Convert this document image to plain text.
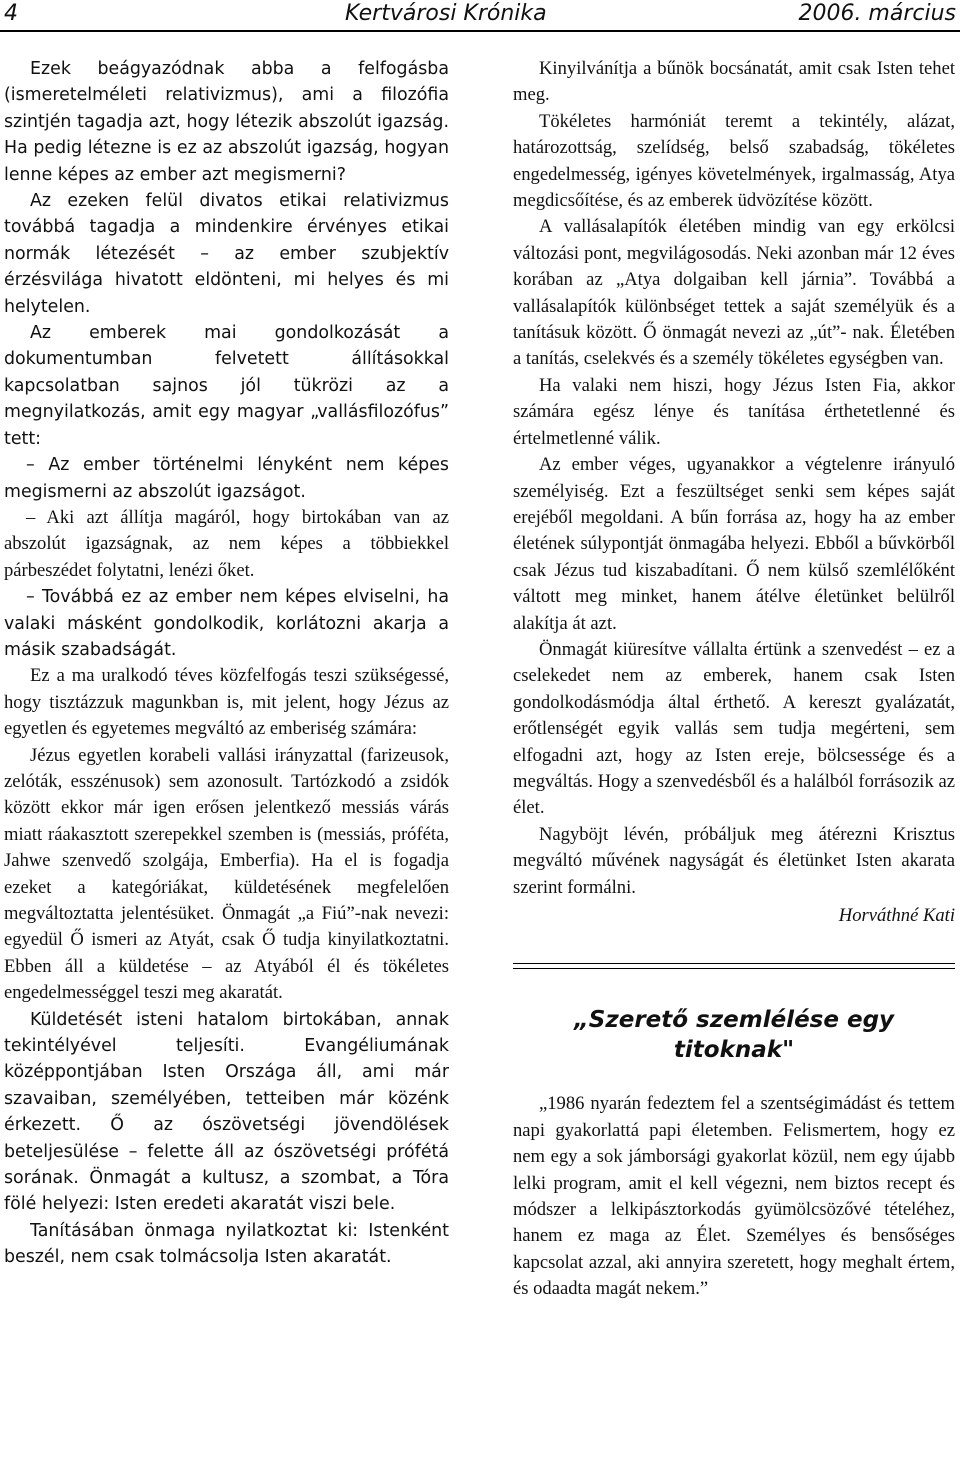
4	Kertvárosi Krónika	2006. március

Ezek beágyazódnak abba a felfogásba (ismeretelméleti relativizmus), ami a filozófia szintjén tagadja azt, hogy létezik abszolút igazság. Ha pedig létezne is ez az abszolút igazság, hogyan lenne képes az ember azt megismerni?

Az ezeken felül divatos etikai relativizmus továbbá tagadja a mindenkire érvényes etikai normák létezését – az ember szubjektív érzésvilága hivatott eldönteni, mi helyes és mi helytelen.

Az emberek mai gondolkozását a dokumentumban felvetett állításokkal kapcsolatban sajnos jól tükrözi az a megnyilatkozás, amit egy magyar „vallásfilozófus” tett:

– Az ember történelmi lényként nem képes megismerni az abszolút igazságot.

– Aki azt állítja magáról, hogy birtokában van az abszolút igazságnak, az nem képes a többiekkel párbeszédet folytatni, lenézi őket.

– Továbbá ez az ember nem képes elviselni, ha valaki másként gondolkodik, korlátozni akarja a másik szabadságát.

Ez a ma uralkodó téves közfelfogás teszi szükségessé, hogy tisztázzuk magunkban is, mit jelent, hogy Jézus az egyetlen és egyetemes megváltó az emberiség számára:

Jézus egyetlen korabeli vallási irányzattal (farizeusok, zelóták, esszénusok) sem azonosult. Tartózkodó a zsidók között ekkor már igen erősen jelentkező messiás várás miatt ráakasztott szerepekkel szemben is (messiás, próféta, Jahwe szenvedő szolgája, Emberfia). Ha el is fogadja ezeket a kategóriákat, küldetésének megfelelően megváltoztatta jelentésüket. Önmagát „a Fiú”-nak nevezi: egyedül Ő ismeri az Atyát, csak Ő tudja kinyilatkoztatni. Ebben áll a küldetése – az Atyából él és tökéletes engedelmességgel teszi meg akaratát.

Küldetését isteni hatalom birtokában, annak tekintélyével teljesíti. Evangéliumának középpontjában Isten Országa áll, ami már szavaiban, személyében, tetteiben már közénk érkezett. Ő az ószövetségi jövendölések beteljesülése – felette áll az ószövetségi prófétá sorának. Önmagát a kultusz, a szombat, a Tóra fölé helyezi: Isten eredeti akaratát viszi bele.

Tanításában önmaga nyilatkoztat ki: Istenként beszél, nem csak tolmácsolja Isten akaratát.

Kinyilvánítja a bűnök bocsánatát, amit csak Isten tehet meg.

Tökéletes harmóniát teremt a tekintély, alázat, határozottság, szelídség, belső szabadság, tökéletes engedelmesség, igényes követelmények, irgalmasság, Atya megdicsőítése, és az emberek üdvözítése között.

A vallásalapítók életében mindig van egy erkölcsi változási pont, megvilágosodás. Neki azonban már 12 éves korában az „Atya dolgaiban kell járnia”. Továbbá a vallásalapítók különbséget tettek a saját személyük és a tanításuk között. Ő önmagát nevezi az „út”- nak. Életében a tanítás, cselekvés és a személy tökéletes egységben van.

Ha valaki nem hiszi, hogy Jézus Isten Fia, akkor számára egész lénye és tanítása érthetetlenné és értelmetlenné válik.

Az ember véges, ugyanakkor a végtelenre irányuló személyiség. Ezt a feszültséget senki sem képes saját erejéből megoldani. A bűn forrása az, hogy ha az ember életének súlypontját önmagába helyezi. Ebből a bűvkörből csak Jézus tud kiszabadítani. Ő nem külső szemlélőként váltott meg minket, hanem átélve életünket belülről alakítja át azt.

Önmagát kiüresítve vállalta értünk a szenvedést – ez a cselekedet nem az emberek, hanem csak Isten gondolkodásmódja által érthető. A kereszt gyalázatát, erőtlenségét egyik vallás sem tudja megérteni, sem elfogadni azt, hogy az Isten ereje, bölcsessége és a megváltás. Hogy a szenvedésből és a halálból forrásozik az élet.

Nagyböjt lévén, próbáljuk meg átérezni Krisztus megváltó művének nagyságát és életünket Isten akarata szerint formálni.

Horváthné Kati

„Szerető szemlélése egy titoknak"

„1986 nyarán fedeztem fel a szentségimádást és tettem napi gyakorlattá papi életemben. Felismertem, hogy ez nem egy a sok jámborsági gyakorlat közül, nem egy újabb lelki program, amit el kell végezni, nem biztos recept és módszer a lelkipásztorkodás gyümölcsözővé tételéhez, hanem ez maga az Élet. Személyes és bensőséges kapcsolat azzal, aki annyira szeretett, hogy meghalt értem, és odaadta magát nekem.”
